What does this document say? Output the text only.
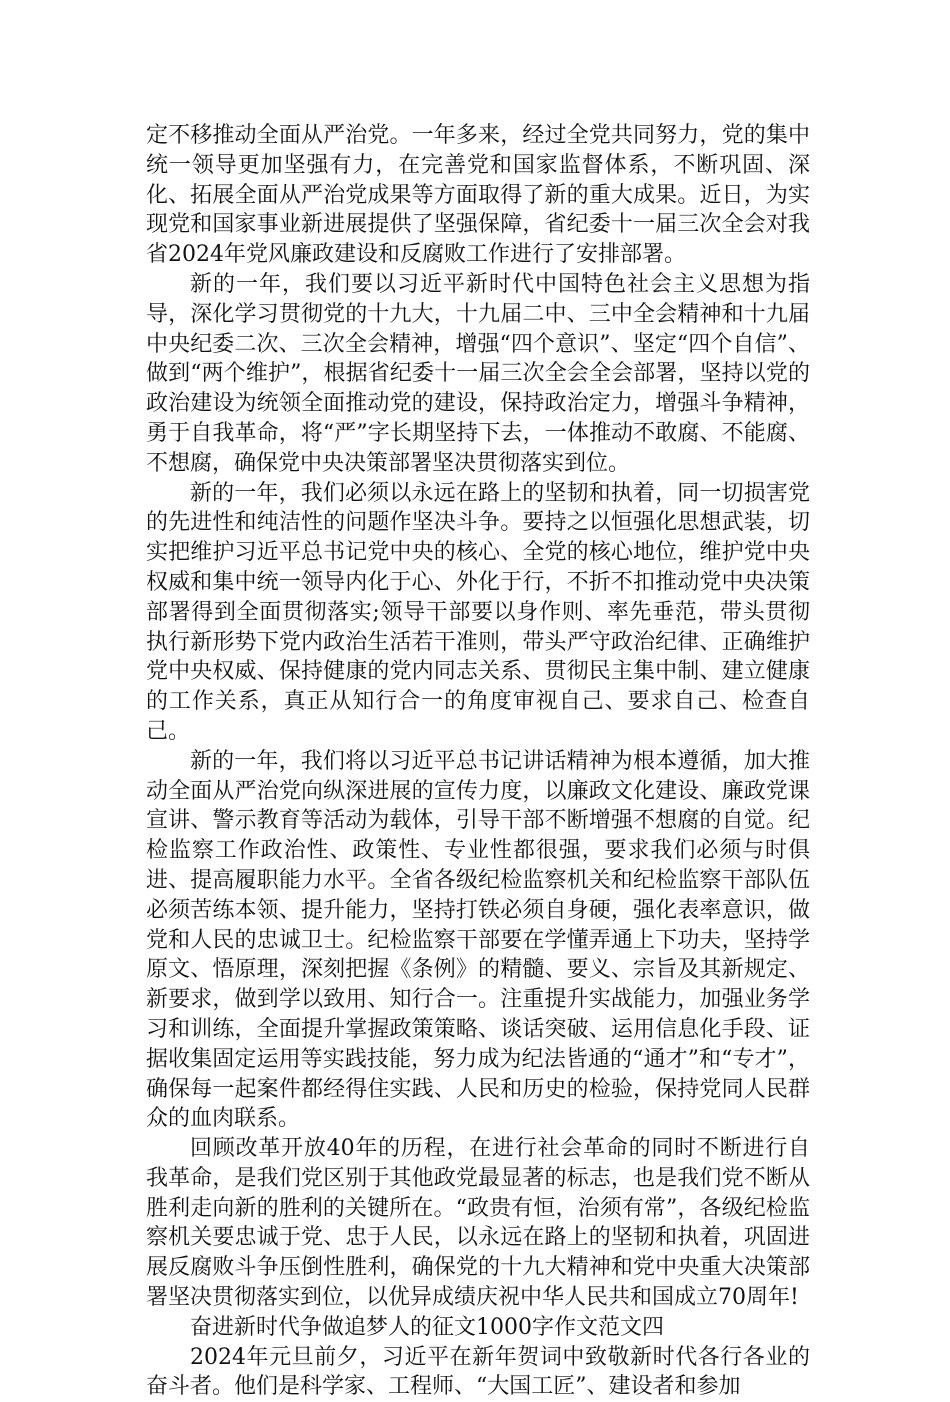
定不移推动全面从严治党。一年多来，经过全党共同努力，党的集中统一领导更加坚强有力，在完善党和国家监督体系，不断巩固、深化、拓展全面从严治党成果等方面取得了新的重大成果。近日，为实现党和国家事业新进展提供了坚强保障，省纪委十一届三次全会对我省2024年党风廉政建设和反腐败工作进行了安排部署。

新的一年，我们要以习近平新时代中国特色社会主义思想为指导，深化学习贯彻党的十九大，十九届二中、三中全会精神和十九届中央纪委二次、三次全会精神，增强“四个意识”、坚定“四个自信”、做到“两个维护”，根据省纪委十一届三次全会全会部署，坚持以党的政治建设为统领全面推动党的建设，保持政治定力，增强斗争精神，勇于自我革命，将“严”字长期坚持下去，一体推动不敢腐、不能腐、不想腐，确保党中央决策部署坚决贯彻落实到位。

新的一年，我们必须以永远在路上的坚韧和执着，同一切损害党的先进性和纯洁性的问题作坚决斗争。要持之以恒强化思想武装，切实把维护习近平总书记党中央的核心、全党的核心地位，维护党中央权威和集中统一领导内化于心、外化于行，不折不扣推动党中央决策部署得到全面贯彻落实;领导干部要以身作则、率先垂范，带头贯彻执行新形势下党内政治生活若干准则，带头严守政治纪律、正确维护党中央权威、保持健康的党内同志关系、贯彻民主集中制、建立健康的工作关系，真正从知行合一的角度审视自己、要求自己、检查自己。

新的一年，我们将以习近平总书记讲话精神为根本遵循，加大推动全面从严治党向纵深进展的宣传力度，以廉政文化建设、廉政党课宣讲、警示教育等活动为载体，引导干部不断增强不想腐的自觉。纪检监察工作政治性、政策性、专业性都很强，要求我们必须与时俱进、提高履职能力水平。全省各级纪检监察机关和纪检监察干部队伍必须苦练本领、提升能力，坚持打铁必须自身硬，强化表率意识，做党和人民的忠诚卫士。纪检监察干部要在学懂弄通上下功夫，坚持学原文、悟原理，深刻把握《条例》的精髓、要义、宗旨及其新规定、新要求，做到学以致用、知行合一。注重提升实战能力，加强业务学习和训练，全面提升掌握政策策略、谈话突破、运用信息化手段、证据收集固定运用等实践技能，努力成为纪法皆通的“通才”和“专才”，确保每一起案件都经得住实践、人民和历史的检验，保持党同人民群众的血肉联系。

回顾改革开放40年的历程，在进行社会革命的同时不断进行自我革命，是我们党区别于其他政党最显著的标志，也是我们党不断从胜利走向新的胜利的关键所在。“政贵有恒，治须有常”，各级纪检监察机关要忠诚于党、忠于人民，以永远在路上的坚韧和执着，巩固进展反腐败斗争压倒性胜利，确保党的十九大精神和党中央重大决策部署坚决贯彻落实到位，以优异成绩庆祝中华人民共和国成立70周年!

奋进新时代争做追梦人的征文1000字作文范文四

2024年元旦前夕，习近平在新年贺词中致敬新时代各行各业的奋斗者。他们是科学家、工程师、“大国工匠”、建设者和参加
